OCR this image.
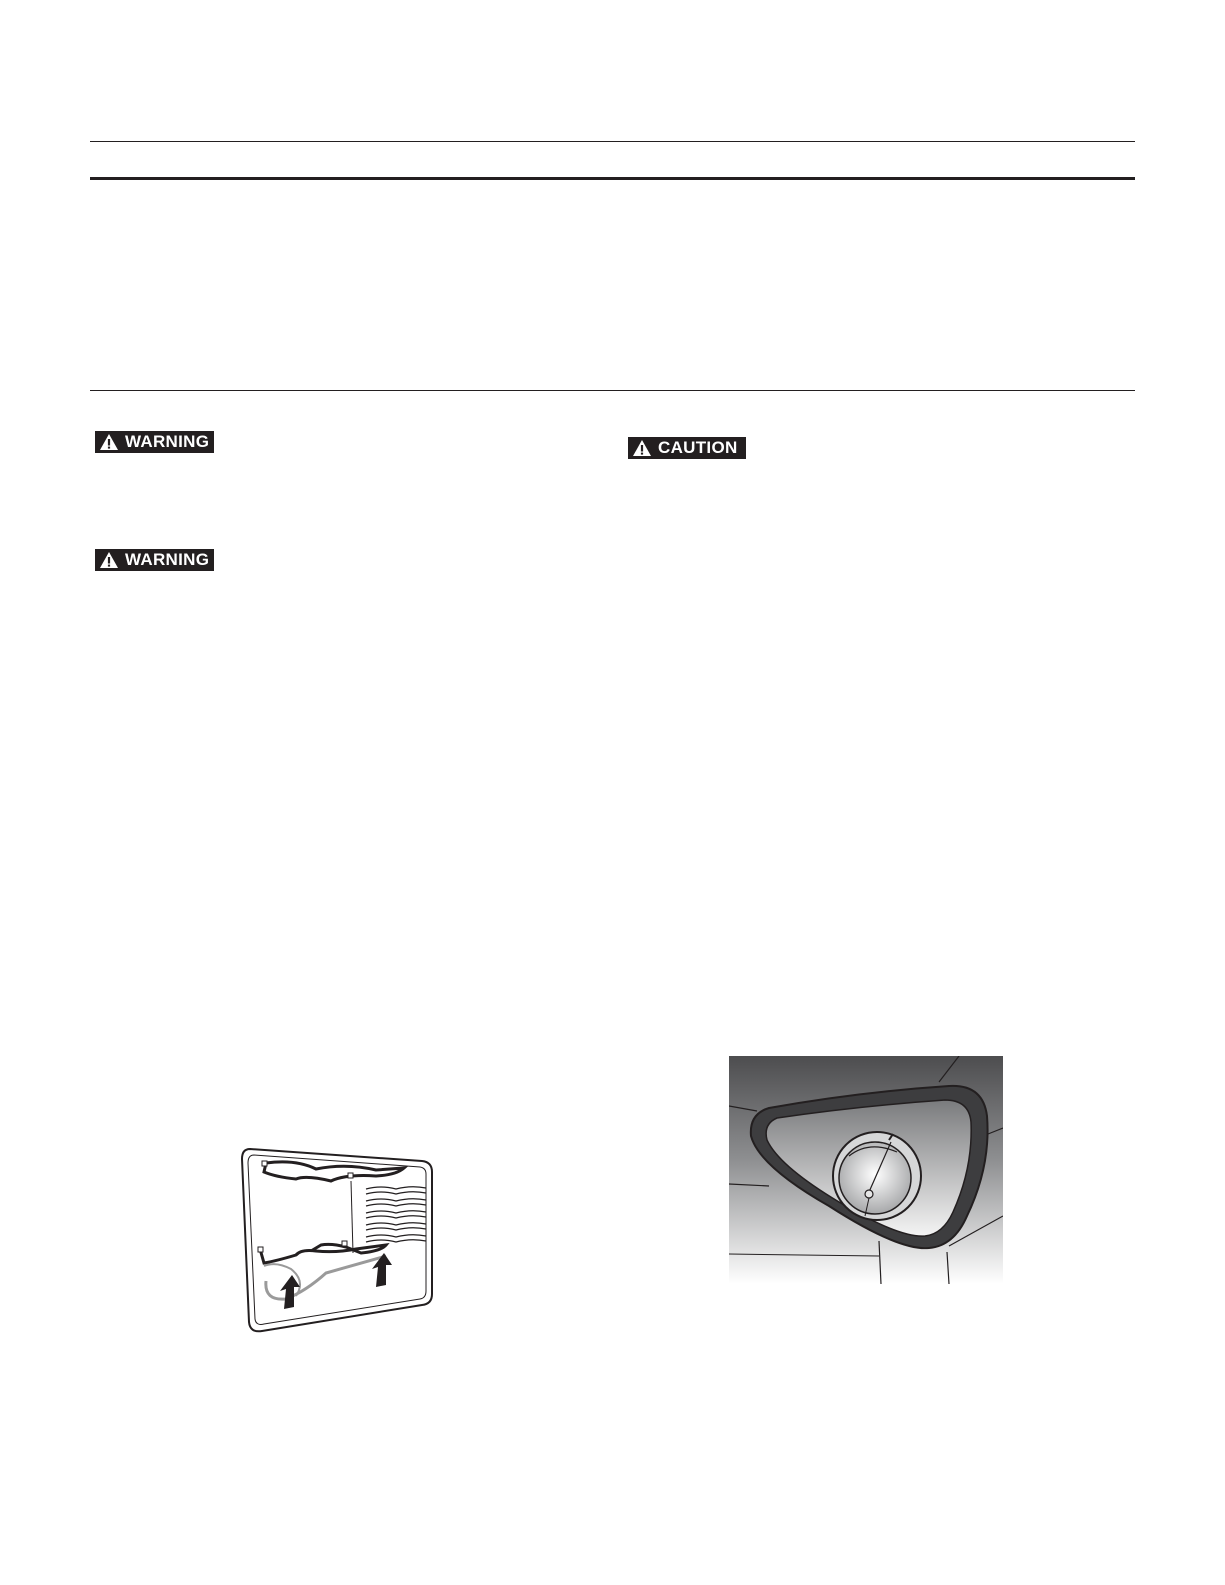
WARNING
WARNING
CAUTION
